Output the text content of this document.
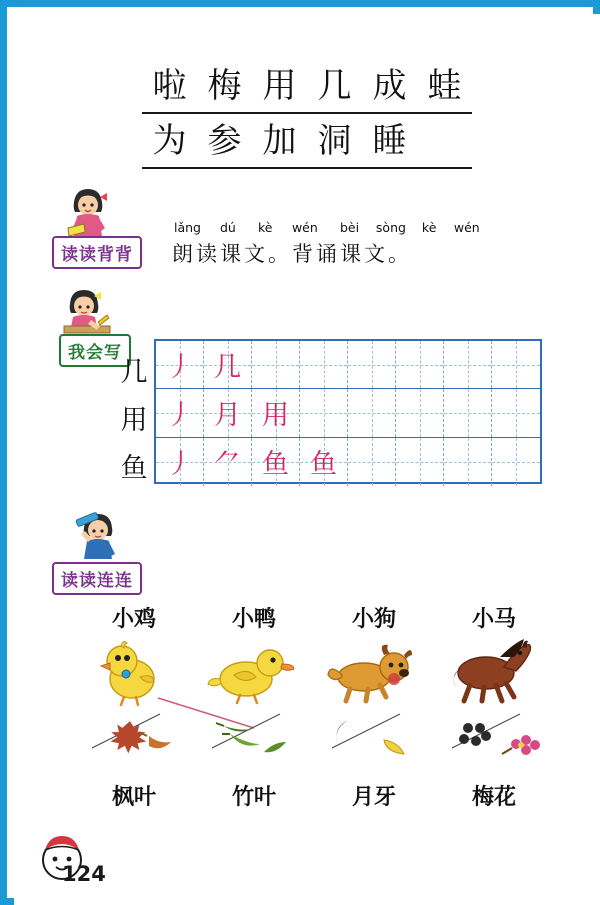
啦 梅 用 几 成 蛙
为 参 加 洞 睡
读读背背
lǎng dú kè wén bèi sòng kè wén
朗读课文。背诵课文。
我会写
几
用
鱼
丿 几
丿 月 用
丿 ⺈ 鱼 鱼
读读连连
小鸡
枫叶
小鸭
竹叶
小狗
月牙
小马
梅花
124
